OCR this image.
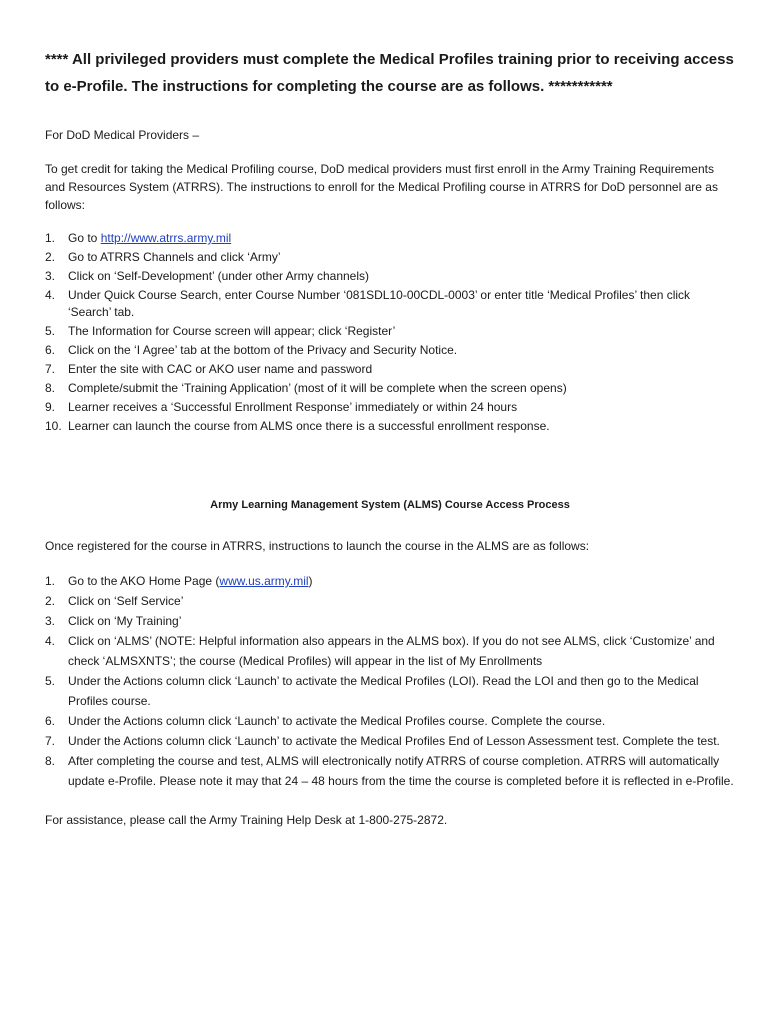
**** All privileged providers must complete the Medical Profiles training prior to receiving access to e-Profile. The instructions for completing the course are as follows. ***********

For DoD Medical Providers –

To get credit for taking the Medical Profiling course, DoD medical providers must first enroll in the Army Training Requirements and Resources System (ATRRS). The instructions to enroll for the Medical Profiling course in ATRRS for DoD personnel are as follows:

1.	Go to http://www.atrrs.army.mil
2.	Go to ATRRS Channels and click ‘Army’
3.	Click on ‘Self-Development’ (under other Army channels)
4.	Under Quick Course Search, enter Course Number ‘081SDL10-00CDL-0003’ or enter title ‘Medical Profiles’ then click ‘Search’ tab.
5.	The Information for Course screen will appear; click ‘Register’
6.	Click on the ‘I Agree’ tab at the bottom of the Privacy and Security Notice.
7.	Enter the site with CAC or AKO user name and password
8.	Complete/submit the ‘Training Application’ (most of it will be complete when the screen opens)
9.	Learner receives a ‘Successful Enrollment Response’ immediately or within 24 hours
10. Learner can launch the course from ALMS once there is a successful enrollment response.
Army Learning Management System (ALMS) Course Access Process

Once registered for the course in ATRRS, instructions to launch the course in the ALMS are as follows:

1.	Go to the AKO Home Page (www.us.army.mil)
2.	Click on ‘Self Service’
3.	Click on ‘My Training’
4.	Click on ‘ALMS’ (NOTE: Helpful information also appears in the ALMS box). If you do not see ALMS, click ‘Customize’ and check ‘ALMSXNTS’; the course (Medical Profiles) will appear in the list of My Enrollments
5.	Under the Actions column click ‘Launch’ to activate the Medical Profiles (LOI). Read the LOI and then go to the Medical Profiles course.
6.	Under the Actions column click ‘Launch’ to activate the Medical Profiles course. Complete the course.
7.	Under the Actions column click ‘Launch’ to activate the Medical Profiles End of Lesson Assessment test. Complete the test.
8.	After completing the course and test, ALMS will electronically notify ATRRS of course completion. ATRRS will automatically update e-Profile. Please note it may that 24 – 48 hours from the time the course is completed before it is reflected in e-Profile.

For assistance, please call the Army Training Help Desk at 1-800-275-2872.
